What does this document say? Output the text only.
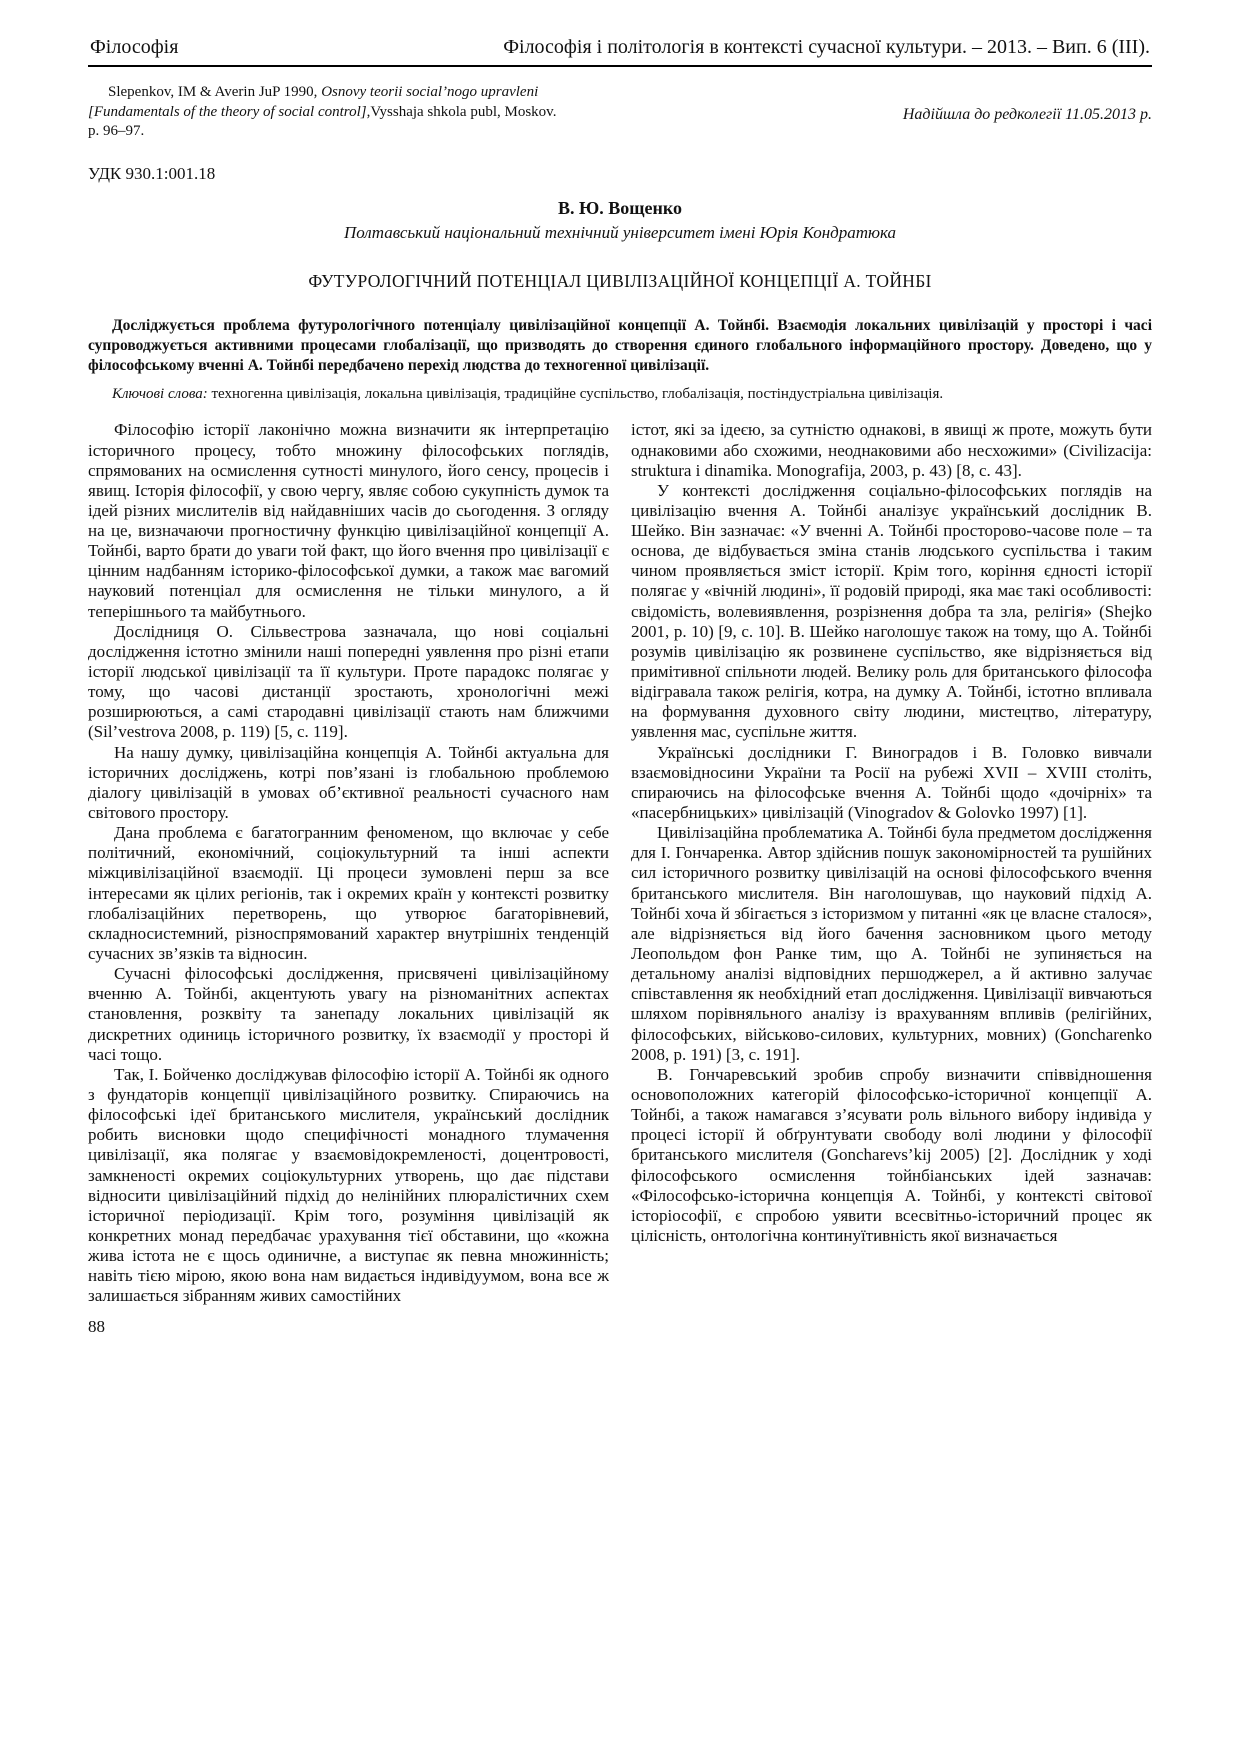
Філософія	Філософія і політологія в контексті сучасної культури. – 2013. – Вип. 6 (ІІІ).

Slepenkov, IM & Averin JuP 1990, Osnovy teorii social’nogo upravleni [Fundamentals of the theory of social control],Vysshaja shkola publ, Moskov. p. 96–97.

Надійшла до редколегії 11.05.2013 р.

УДК 930.1:001.18

В. Ю. Вощенко

Полтавський національний технічний університет імені Юрія Кондратюка

ФУТУРОЛОГІЧНИЙ ПОТЕНЦІАЛ ЦИВІЛІЗАЦІЙНОЇ КОНЦЕПЦІЇ А. ТОЙНБІ

Досліджується проблема футурологічного потенціалу цивілізаційної концепції А. Тойнбі. Взаємодія локальних цивілізацій у просторі і часі супроводжується активними процесами глобалізації, що призводять до створення єдиного глобального інформаційного простору. Доведено, що у філософському вченні А. Тойнбі передбачено перехід людства до техногенної цивілізації.

Ключові слова: техногенна цивілізація, локальна цивілізація, традиційне суспільство, глобалізація, постіндустріальна цивілізація.

Філософію історії лаконічно можна визначити як інтерпретацію історичного процесу, тобто множину філософських поглядів, спрямованих на осмислення сутності минулого, його сенсу, процесів і явищ. Історія філософії, у свою чергу, являє собою сукупність думок та ідей різних мислителів від найдавніших часів до сьогодення. З огляду на це, визначаючи прогностичну функцію цивілізаційної концепції А. Тойнбі, варто брати до уваги той факт, що його вчення про цивілізації є цінним надбанням історико-філософської думки, а також має вагомий науковий потенціал для осмислення не тільки минулого, а й теперішнього та майбутнього.

Дослідниця О. Сільвестрова зазначала, що нові соціальні дослідження істотно змінили наші попередні уявлення про різні етапи історії людської цивілізації та її культури. Проте парадокс полягає у тому, що часові дистанції зростають, хронологічні межі розширюються, а самі стародавні цивілізації стають нам ближчими (Sil’vestrova 2008, p. 119) [5, с. 119].

На нашу думку, цивілізаційна концепція А. Тойнбі актуальна для історичних досліджень, котрі пов’язані із глобальною проблемою діалогу цивілізацій в умовах об’єктивної реальності сучасного нам світового простору.

Дана проблема є багатогранним феноменом, що включає у себе політичний, економічний, соціокультурний та інші аспекти міжцивілізаційної взаємодії. Ці процеси зумовлені перш за все інтересами як цілих регіонів, так і окремих країн у контексті розвитку глобалізаційних перетворень, що утворює багаторівневий, складносистемний, різноспрямований характер внутрішніх тенденцій сучасних зв’язків та відносин.

Сучасні філософські дослідження, присвячені цивілізаційному вченню А. Тойнбі, акцентують увагу на різноманітних аспектах становлення, розквіту та занепаду локальних цивілізацій як дискретних одиниць історичного розвитку, їх взаємодії у просторі й часі тощо.

Так, І. Бойченко досліджував філософію історії А. Тойнбі як одного з фундаторів концепції цивілізаційного розвитку. Спираючись на філософські ідеї британського мислителя, український дослідник робить висновки щодо специфічності монадного тлумачення цивілізації, яка полягає у взаємовідокремленості, доцентровості, замкненості окремих соціокультурних утворень, що дає підстави відносити цивілізаційний підхід до нелінійних плюралістичних схем історичної періодизації. Крім того, розуміння цивілізацій як конкретних монад передбачає урахування тієї обставини, що «кожна жива істота не є щось одиничне, а виступає як певна множинність; навіть тією мірою, якою вона нам видається індивідуумом, вона все ж залишається зібранням живих самостійних

істот, які за ідеєю, за сутністю однакові, в явищі ж проте, можуть бути однаковими або схожими, неоднаковими або несхожими» (Civilizacija: struktura i dinamika. Monografija, 2003, p. 43) [8, с. 43].

У контексті дослідження соціально-філософських поглядів на цивілізацію вчення А. Тойнбі аналізує український дослідник В. Шейко. Він зазначає: «У вченні А. Тойнбі просторово-часове поле – та основа, де відбувається зміна станів людського суспільства і таким чином проявляється зміст історії. Крім того, коріння єдності історії полягає у «вічній людині», її родовій природі, яка має такі особливості: свідомість, волевиявлення, розрізнення добра та зла, релігія» (Shejko 2001, p. 10) [9, с. 10]. В. Шейко наголошує також на тому, що А. Тойнбі розумів цивілізацію як розвинене суспільство, яке відрізняється від примітивної спільноти людей. Велику роль для британського філософа відігравала також релігія, котра, на думку А. Тойнбі, істотно впливала на формування духовного світу людини, мистецтво, літературу, уявлення мас, суспільне життя.

Українські дослідники Г. Виноградов і В. Головко вивчали взаємовідносини України та Росії на рубежі XVII – XVIII століть, спираючись на філософське вчення А. Тойнбі щодо «дочірніх» та «пасербницьких» цивілізацій (Vinogradov & Golovko 1997) [1].

Цивілізаційна проблематика А. Тойнбі була предметом дослідження для І. Гончаренка. Автор здійснив пошук закономірностей та рушійних сил історичного розвитку цивілізацій на основі філософського вчення британського мислителя. Він наголошував, що науковий підхід А. Тойнбі хоча й збігається з історизмом у питанні «як це власне сталося», але відрізняється від його бачення засновником цього методу Леопольдом фон Ранке тим, що А. Тойнбі не зупиняється на детальному аналізі відповідних першоджерел, а й активно залучає співставлення як необхідний етап дослідження. Цивілізації вивчаються шляхом порівняльного аналізу із врахуванням впливів (релігійних, філософських, військово-силових, культурних, мовних) (Goncharenko 2008, p. 191) [3, с. 191].

В. Гончаревський зробив спробу визначити співвідношення основоположних категорій філософсько-історичної концепції А. Тойнбі, а також намагався з’ясувати роль вільного вибору індивіда у процесі історії й обґрунтувати свободу волі людини у філософії британського мислителя (Goncharevs’kij 2005) [2]. Дослідник у ході філософського осмислення тойнбіанських ідей зазначав: «Філософсько-історична концепція А. Тойнбі, у контексті світової історіософії, є спробою уявити всесвітньо-історичний процес як цілісність, онтологічна континуїтивність якої визначається

88
